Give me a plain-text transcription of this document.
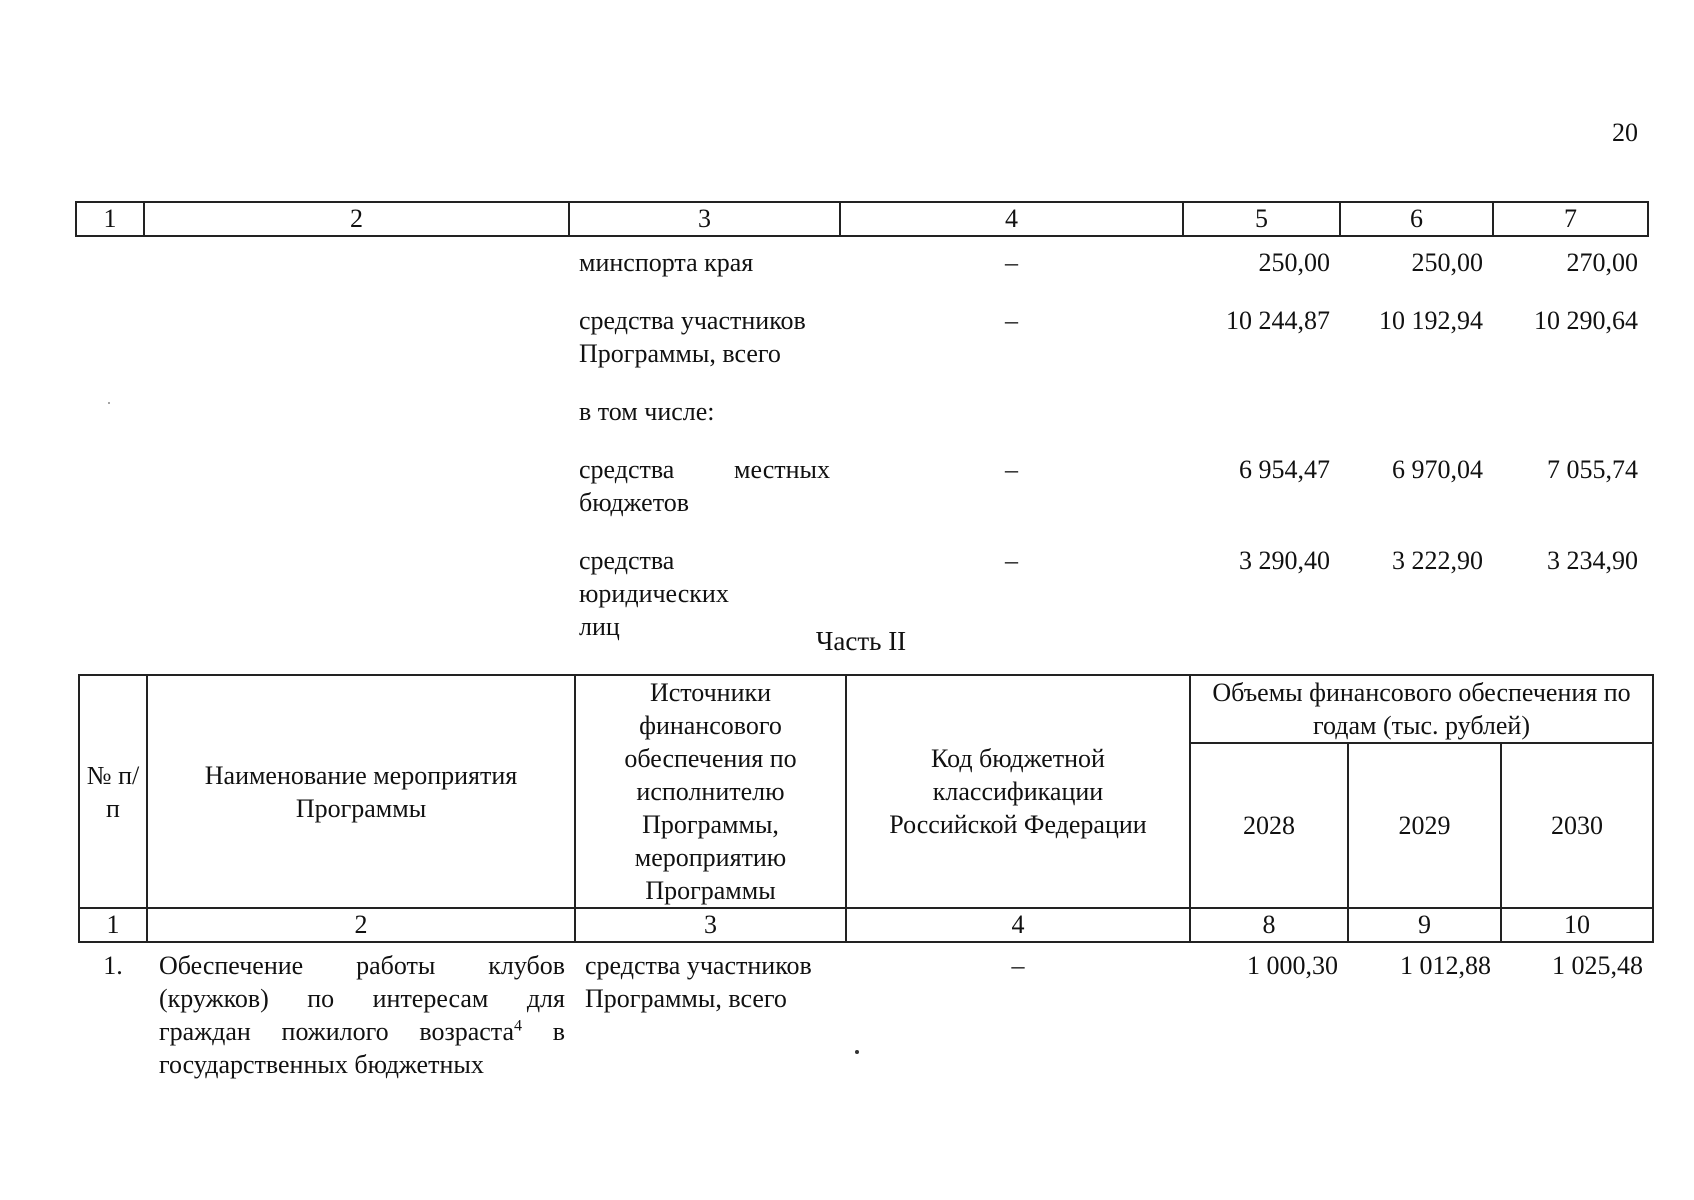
20
1	2	3	4	5	6	7
		минспорта края	–	250,00	250,00	270,00
		средства участников Программы, всего	–	10 244,87	10 192,94	10 290,64
		в том числе:				
		средства местных бюджетов	–	6 954,47	6 970,04	7 055,74
		средства юридических лиц	–	3 290,40	3 222,90	3 234,90
Часть II
№ п/п	Наименование мероприятия Программы	Источники финансового обеспечения по исполнителю Программы, мероприятию Программы	Код бюджетной классификации Российской Федерации	Объемы финансового обеспечения по годам (тыс. рублей)		
				2028	2029	2030
1	2	3	4	8	9	10
1.	Обеспечение работы клубов (кружков) по интересам для граждан пожилого возраста$^4$ в государственных бюджетных	средства участников Программы, всего	–	1 000,30	1 012,88	1 025,48
